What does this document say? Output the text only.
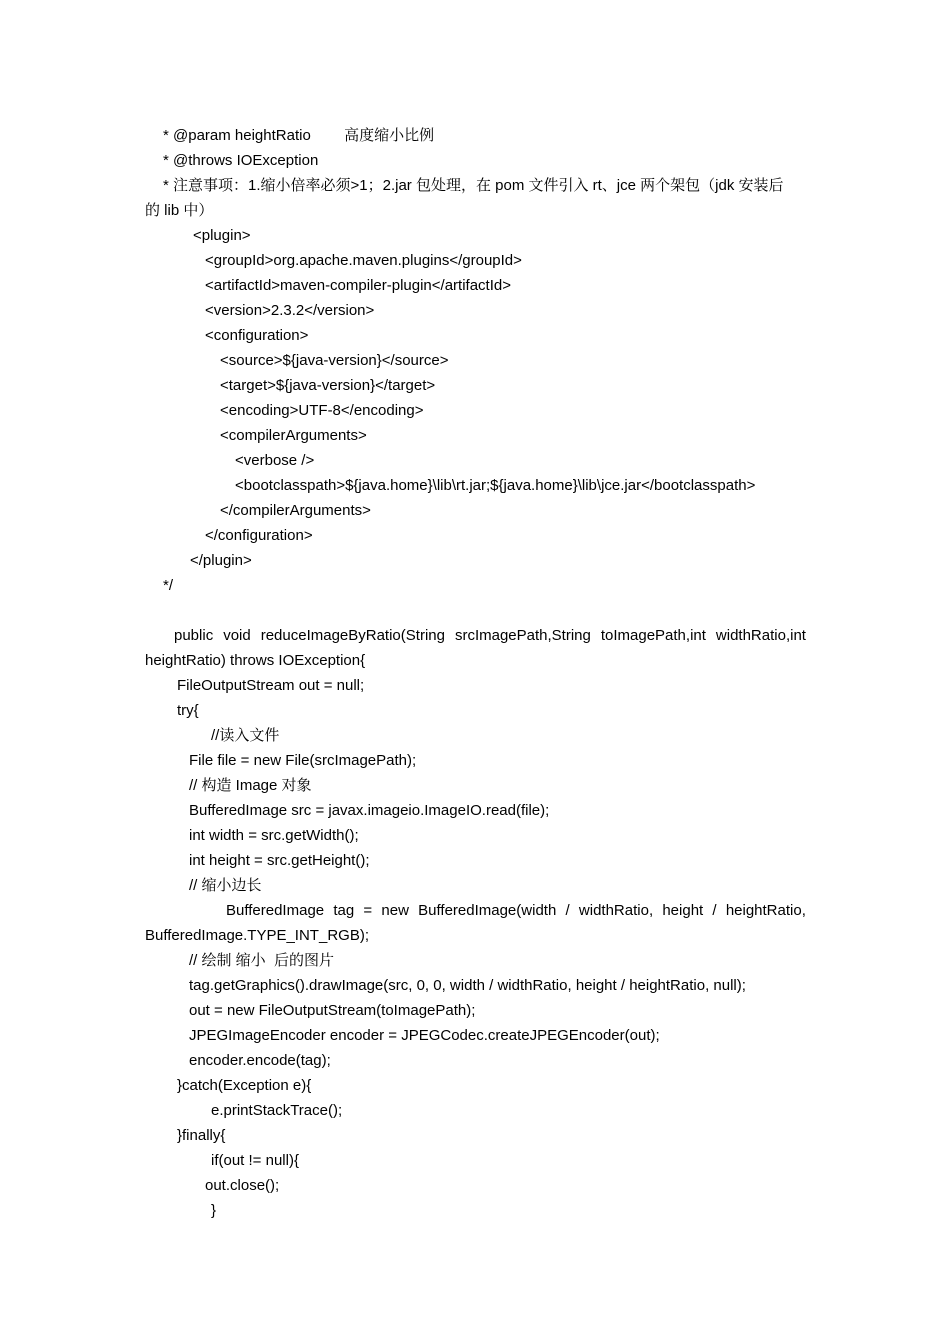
* @param heightRatio        高度缩小比例
* @throws IOException
* 注意事项：1.缩小倍率必须>1；2.jar 包处理，在 pom 文件引入 rt、jce 两个架包（jdk 安装后
的 lib 中）
<plugin>
<groupId>org.apache.maven.plugins</groupId>
<artifactId>maven-compiler-plugin</artifactId>
<version>2.3.2</version>
<configuration>
<source>${java-version}</source>
<target>${java-version}</target>
<encoding>UTF-8</encoding>
<compilerArguments>
<verbose />
<bootclasspath>${java.home}\lib\rt.jar;${java.home}\lib\jce.jar</bootclasspath>
</compilerArguments>
</configuration>
</plugin>
*/
public void reduceImageByRatio(String srcImagePath,String toImagePath,int widthRatio,int
heightRatio) throws IOException{
FileOutputStream out = null;
try{
//读入文件
File file = new File(srcImagePath);
// 构造 Image 对象
BufferedImage src = javax.imageio.ImageIO.read(file);
int width = src.getWidth();
int height = src.getHeight();
// 缩小边长
BufferedImage tag = new BufferedImage(width / widthRatio, height / heightRatio,
BufferedImage.TYPE_INT_RGB);
// 绘制 缩小  后的图片
tag.getGraphics().drawImage(src, 0, 0, width / widthRatio, height / heightRatio, null);
out = new FileOutputStream(toImagePath);
JPEGImageEncoder encoder = JPEGCodec.createJPEGEncoder(out);
encoder.encode(tag);
}catch(Exception e){
e.printStackTrace();
}finally{
if(out != null){
out.close();
}
